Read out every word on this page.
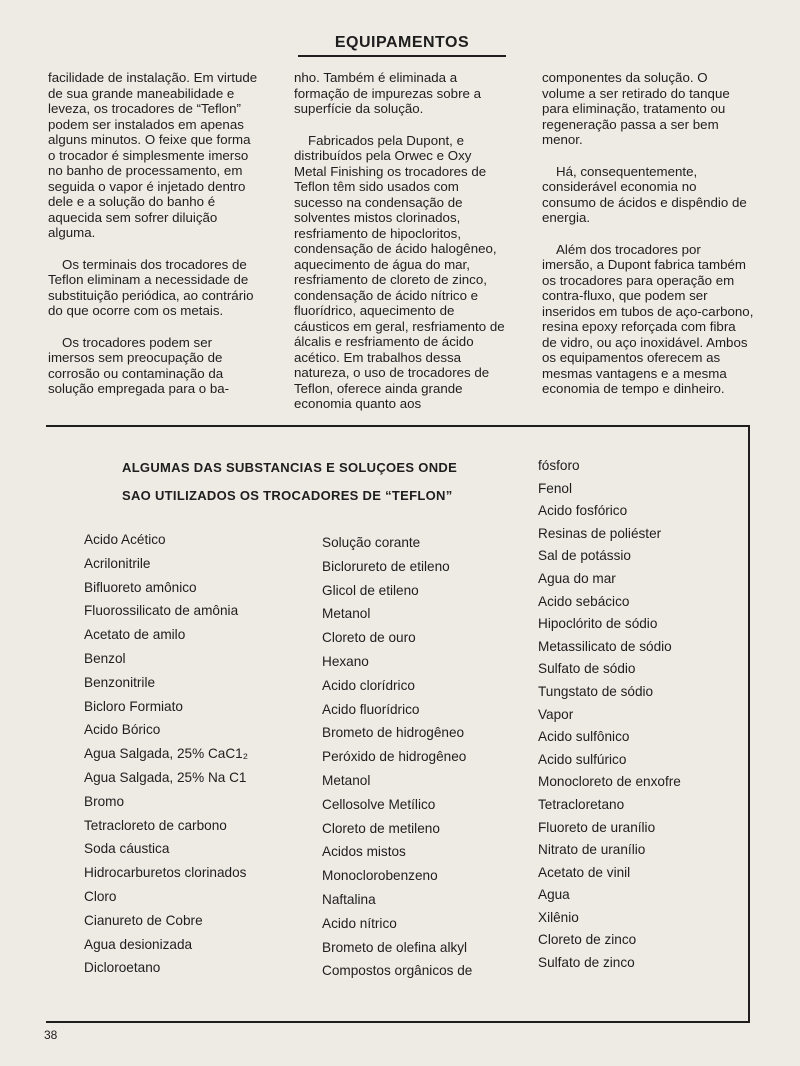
EQUIPAMENTOS

facilidade de instalação. Em virtude de sua grande maneabilidade e leveza, os trocadores de “Teflon” podem ser instalados em apenas alguns minutos. O feixe que forma o trocador é simplesmente imerso no banho de processamento, em seguida o vapor é injetado dentro dele e a solução do banho é aquecida sem sofrer diluição alguma.

Os terminais dos trocadores de Teflon eliminam a necessidade de substituição periódica, ao contrário do que ocorre com os metais.

Os trocadores podem ser imersos sem preocupação de corrosão ou contaminação da solução empregada para o ba-

nho. Também é eliminada a formação de impurezas sobre a superfície da solução.

Fabricados pela Dupont, e distribuídos pela Orwec e Oxy Metal Finishing os trocadores de Teflon têm sido usados com sucesso na condensação de solventes mistos clorinados, resfriamento de hipocloritos, condensação de ácido halogêneo, aquecimento de água do mar, resfriamento de cloreto de zinco, condensação de ácido nítrico e fluorídrico, aquecimento de cáusticos em geral, resfriamento de álcalis e resfriamento de ácido acético. Em trabalhos dessa natureza, o uso de trocadores de Teflon, oferece ainda grande economia quanto aos

componentes da solução. O volume a ser retirado do tanque para eliminação, tratamento ou regeneração passa a ser bem menor.

Há, consequentemente, considerável economia no consumo de ácidos e dispêndio de energia.

Além dos trocadores por imersão, a Dupont fabrica também os trocadores para operação em contra-fluxo, que podem ser inseridos em tubos de aço-carbono, resina epoxy reforçada com fibra de vidro, ou aço inoxidável. Ambos os equipamentos oferecem as mesmas vantagens e a mesma economia de tempo e dinheiro.

ALGUMAS DAS SUBSTANCIAS E SOLUÇOES ONDE
SAO UTILIZADOS OS TROCADORES DE “TEFLON”
Acido Acético
Acrilonitrile
Bifluoreto amônico
Fluorossilicato de amônia
Acetato de amilo
Benzol
Benzonitrile
Bicloro Formiato
Acido Bórico
Agua Salgada, 25% CaC1₂
Agua Salgada, 25% Na C1
Bromo
Tetracloreto de carbono
Soda cáustica
Hidrocarburetos clorinados
Cloro
Cianureto de Cobre
Agua desionizada
Dicloroetano
Solução corante
Biclorureto de etileno
Glicol de etileno
Metanol
Cloreto de ouro
Hexano
Acido clorídrico
Acido fluorídrico
Brometo de hidrogêneo
Peróxido de hidrogêneo
Metanol
Cellosolve Metílico
Cloreto de metileno
Acidos mistos
Monoclorobenzeno
Naftalina
Acido nítrico
Brometo de olefina alkyl
Compostos orgânicos de
fósforo
Fenol
Acido fosfórico
Resinas de poliéster
Sal de potássio
Agua do mar
Acido sebácico
Hipoclórito de sódio
Metassilicato de sódio
Sulfato de sódio
Tungstato de sódio
Vapor
Acido sulfônico
Acido sulfúrico
Monocloreto de enxofre
Tetracloretano
Fluoreto de uranílio
Nitrato de uranílio
Acetato de vinil
Agua
Xilênio
Cloreto de zinco
Sulfato de zinco
38
